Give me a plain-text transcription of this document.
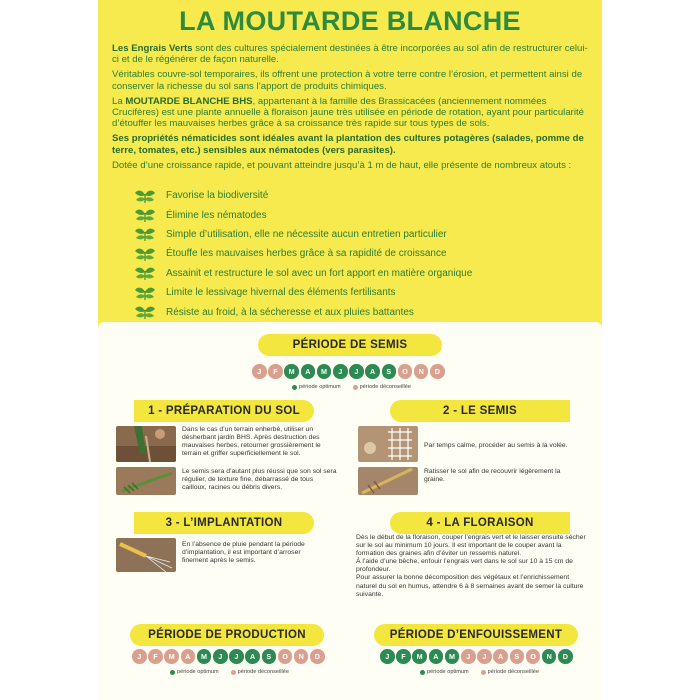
LA MOUTARDE BLANCHE

Les Engrais Verts sont des cultures spécialement destinées à être incorporées au sol afin de restructurer celui-ci et de le régénérer de façon naturelle.

Véritables couvre-sol temporaires, ils offrent une protection à votre terre contre l’érosion, et permettent ainsi de conserver la richesse du sol sans l’apport de produits chimiques.

La MOUTARDE BLANCHE BHS, appartenant à la famille des Brassicacées (anciennement nommées Crucifères) est une plante annuelle à floraison jaune très utilisée en période de rotation, ayant pour particularité d’étouffer les mauvaises herbes grâce à sa croissance très rapide sur tous types de sols.

Ses propriétés nématicides sont idéales avant la plantation des cultures potagères (salades, pomme de terre, tomates, etc.) sensibles aux nématodes (vers parasites).

Dotée d’une croissance rapide, et pouvant atteindre jusqu’à 1 m de haut, elle présente de nombreux atouts :

Favorise la biodiversité
Élimine les nématodes
Simple d’utilisation, elle ne nécessite aucun entretien particulier
Étouffe les mauvaises herbes grâce à sa rapidité de croissance
Assainit et restructure le sol avec un fort apport en matière organique
Limite le lessivage hivernal des éléments fertilisants
Résiste au froid, à la sécheresse et aux pluies battantes
PÉRIODE DE SEMIS
J	F	M	A	M	J	J	A	S	O	N	D
période optimum	période déconseillée
1 - PRÉPARATION DU SOL	2 - LE SEMIS
Dans le cas d’un terrain enherbé, utiliser un désherbant jardin BHS. Après destruction des mauvaises herbes, retourner grossièrement le terrain et griffer superficiellement le sol.
Le semis sera d’autant plus réussi que son sol sera régulier, de texture fine, débarrassé de tous cailloux, racines ou débris divers.
Par temps calme, procéder au semis à la volée.
Ratisser le sol afin de recouvrir légèrement la graine.
3 - L’IMPLANTATION	4 - LA FLORAISON
En l’absence de pluie pendant la période d’implantation, il est important d’arroser finement après le semis.
Dès le début de la floraison, couper l’engrais vert et le laisser ensuite sécher sur le sol au minimum 10 jours. Il est important de le couper avant la formation des graines afin d’éviter un ressemis naturel.
À l’aide d’une bêche, enfouir l’engrais vert dans le sol sur 10 à 15 cm de profondeur.
Pour assurer la bonne décomposition des végétaux et l’enrichissement naturel du sol en humus, attendre 6 à 8 semaines avant de semer la culture suivante.
PÉRIODE DE PRODUCTION	PÉRIODE D’ENFOUISSEMENT
J	F	M	A	M	J	J	A	S	O	N	D	J	F	M	A	M	J	J	A	S	O	N	D
période optimum	période déconseillée	période optimum	période déconseillée
